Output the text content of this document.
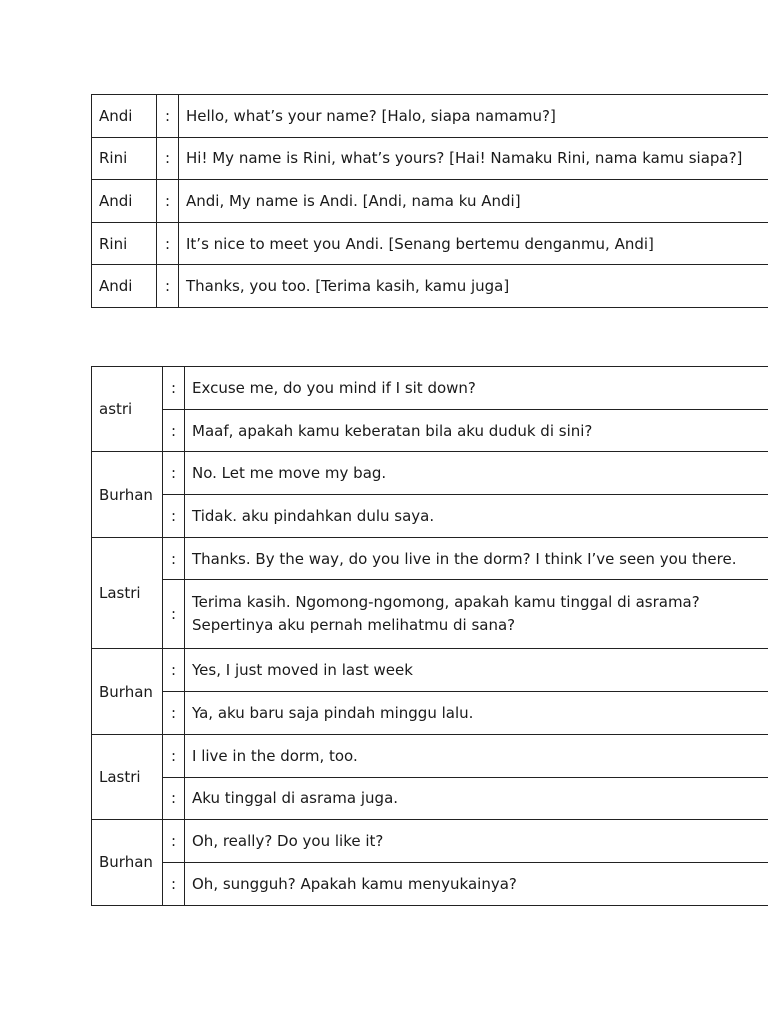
Andi	:	Hello, what’s your name? [Halo, siapa namamu?]
Rini	:	Hi! My name is Rini, what’s yours? [Hai! Namaku Rini, nama kamu siapa?]
Andi	:	Andi, My name is Andi. [Andi, nama ku Andi]
Rini	:	It’s nice to meet you Andi. [Senang bertemu denganmu, Andi]
Andi	:	Thanks, you too. [Terima kasih, kamu juga]
astri	:	Excuse me, do you mind if I sit down?
	:	Maaf, apakah kamu keberatan bila aku duduk di sini?
Burhan	:	No. Let me move my bag.
	:	Tidak. aku pindahkan dulu saya.
Lastri	:	Thanks. By the way, do you live in the dorm? I think I’ve seen you there.
	:	Terima kasih. Ngomong-ngomong, apakah kamu tinggal di asrama? Sepertinya aku pernah melihatmu di sana?
Burhan	:	Yes, I just moved in last week
	:	Ya, aku baru saja pindah minggu lalu.
Lastri	:	I live in the dorm, too.
	:	Aku tinggal di asrama juga.
Burhan	:	Oh, really? Do you like it?
	:	Oh, sungguh? Apakah kamu menyukainya?
